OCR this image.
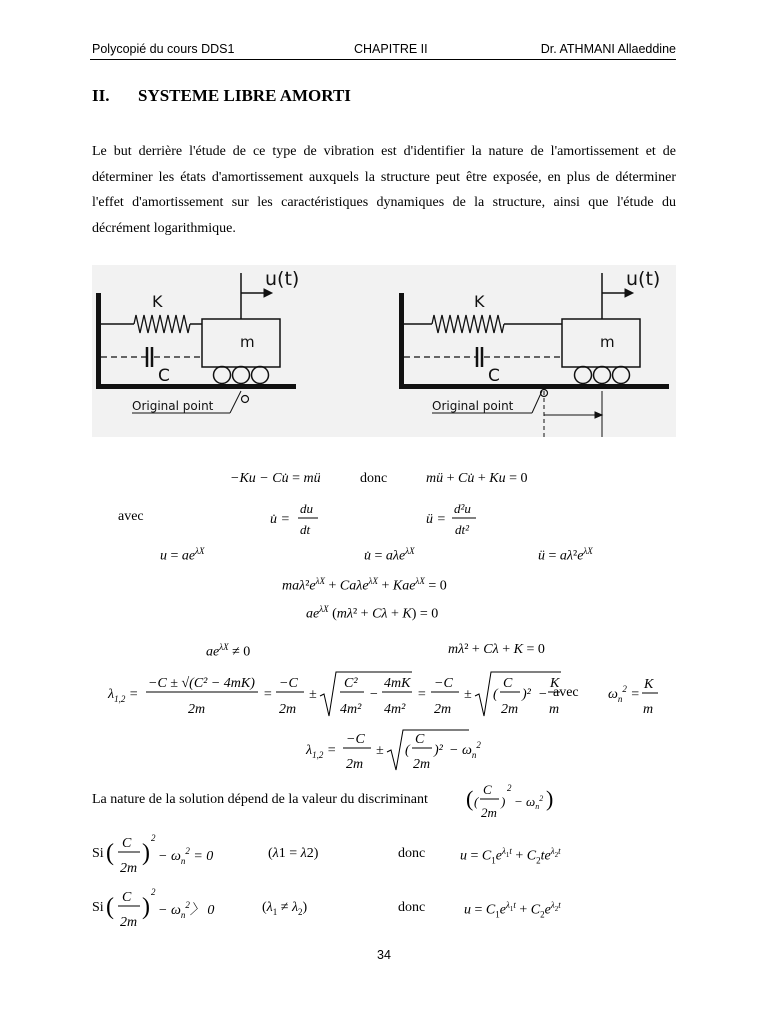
Polycopié du cours DDS1	CHAPITRE II	Dr. ATHMANI Allaeddine
II. SYSTEME LIBRE AMORTI

Le but derrière l'étude de ce type de vibration est d'identifier la nature de l'amortissement et de déterminer les états d'amortissement auxquels la structure peut être exposée, en plus de déterminer l'effet d'amortissement sur les caractéristiques dynamiques de la structure, ainsi que l'étude du décrément logarithmique.

K
m
C
u(t)
Original point
K
m
C
u(t)
Original point
−Ku − Cu̇ = mü	donc	mü + Cu̇ + Ku = 0
avec	u̇ =
du
dt
ü =
d²u
dt²
$u = ae^{\lambda X}$	u̇ = aλe$^{\lambda X}$	ü = $a\lambda^2e^{\lambda X}$
$ma\lambda^2e^{\lambda X} + Ca\lambda e^{\lambda X} + Kae^{\lambda X} = 0$
$ae^{\lambda X}$ (mλ² + Cλ + K) = 0
$ae^{\lambda X} \ne 0$	mλ² + Cλ + K = 0
$\lambda_{1,2}$ =
−C ± √(C² − 4mK)
2m
=
−C
2m
±
C²
4m²
−
4mK
4m²
=
−C
2m
± (
C
2m
)² −
K
m
avec $\omega_n^2$ =
K
m
$\lambda_{1,2}$ =
−C
2m
± (
C
2m
)$^2 - \omega_n^2$
La nature de la solution dépend de la valeur du discriminant ( (
C
2m
)
2
− $\omega_n^2$ )
Si ( C
2m
)
2
− $\omega_n^2 = 0$	(λ1 = λ2)	donc $u = C_1e^{\lambda_1t} + C_2te^{\lambda_2t}$
Si ( C
2m
)
2
− $\omega_n^2$〉 0	$(\lambda_1 \ne \lambda_2)$	donc	$u = C_1e^{\lambda_1t} + C_2e^{\lambda_2t}$
34
